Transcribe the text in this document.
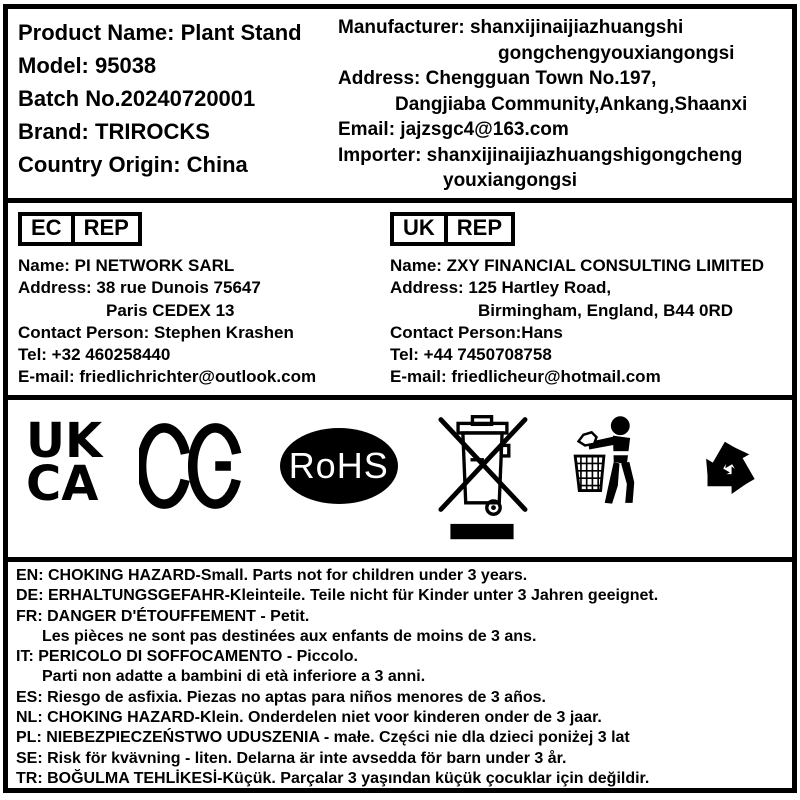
Product Name: Plant Stand
Model: 95038
Batch No.20240720001
Brand: TRIROCKS
Country Origin: China
Manufacturer: shanxijinaijiazhuangshi
gongchengyouxiangongsi
Address: Chengguan Town No.197,
Dangjiaba Community,Ankang,Shaanxi
Email: jajzsgc4@163.com
Importer: shanxijinaijiazhuangshigongcheng
youxiangongsi
EC	REP
Name: PI NETWORK SARL
Address: 38 rue Dunois 75647
Paris CEDEX 13
Contact Person: Stephen Krashen
Tel: +32 460258440
E-mail: friedlichrichter@outlook.com
UK	REP
Name: ZXY FINANCIAL CONSULTING LIMITED
Address: 125 Hartley Road,
Birmingham, England, B44 0RD
Contact Person:Hans
Tel: +44 7450708758
E-mail: friedlicheur@hotmail.com
UK
CA	RoHS
EN: CHOKING HAZARD-Small. Parts not for children under 3 years.
DE: ERHALTUNGSGEFAHR-Kleinteile. Teile nicht für Kinder unter 3 Jahren geeignet.
FR: DANGER D'ÉTOUFFEMENT - Petit.
Les pièces ne sont pas destinées aux enfants de moins de 3 ans.
IT: PERICOLO DI SOFFOCAMENTO - Piccolo.
Parti non adatte a bambini di età inferiore a 3 anni.
ES: Riesgo de asfixia. Piezas no aptas para niños menores de 3 años.
NL: CHOKING HAZARD-Klein. Onderdelen niet voor kinderen onder de 3 jaar.
PL: NIEBEZPIECZEŃSTWO UDUSZENIA - małe. Części nie dla dzieci poniżej 3 lat
SE: Risk för kvävning - liten. Delarna är inte avsedda för barn under 3 år.
TR: BOĞULMA TEHLİKESİ-Küçük. Parçalar 3 yaşından küçük çocuklar için değildir.
